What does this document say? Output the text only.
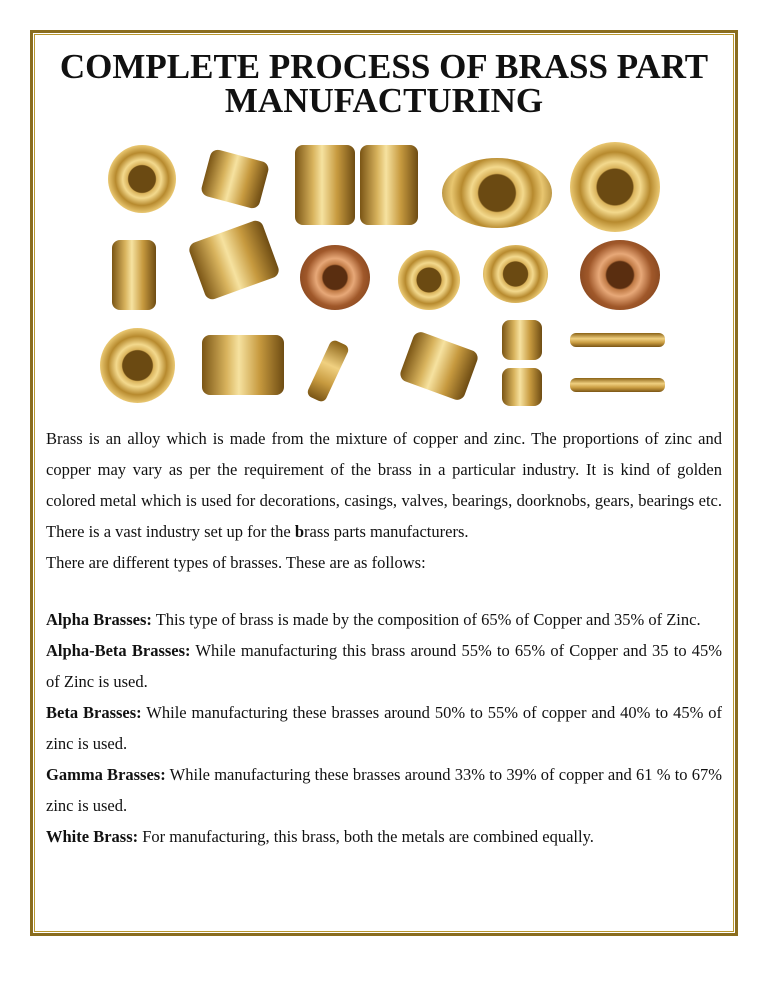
COMPLETE PROCESS OF BRASS PART MANUFACTURING

Brass is an alloy which is made from the mixture of copper and zinc. The proportions of zinc and copper may vary as per the requirement of the brass in a particular industry. It is kind of golden colored metal which is used for decorations, casings, valves, bearings, doorknobs, gears, bearings etc. There is a vast industry set up for the brass parts manufacturers.

There are different types of brasses. These are as follows:

Alpha Brasses: This type of brass is made by the composition of 65% of Copper and 35% of Zinc.

Alpha-Beta Brasses: While manufacturing this brass around 55% to 65% of Copper and 35 to 45% of Zinc is used.

Beta Brasses: While manufacturing these brasses around 50% to 55% of copper and 40% to 45% of zinc is used.

Gamma Brasses: While manufacturing these brasses around 33% to 39% of copper and 61 % to 67% zinc is used.

White Brass: For manufacturing, this brass, both the metals are combined equally.
